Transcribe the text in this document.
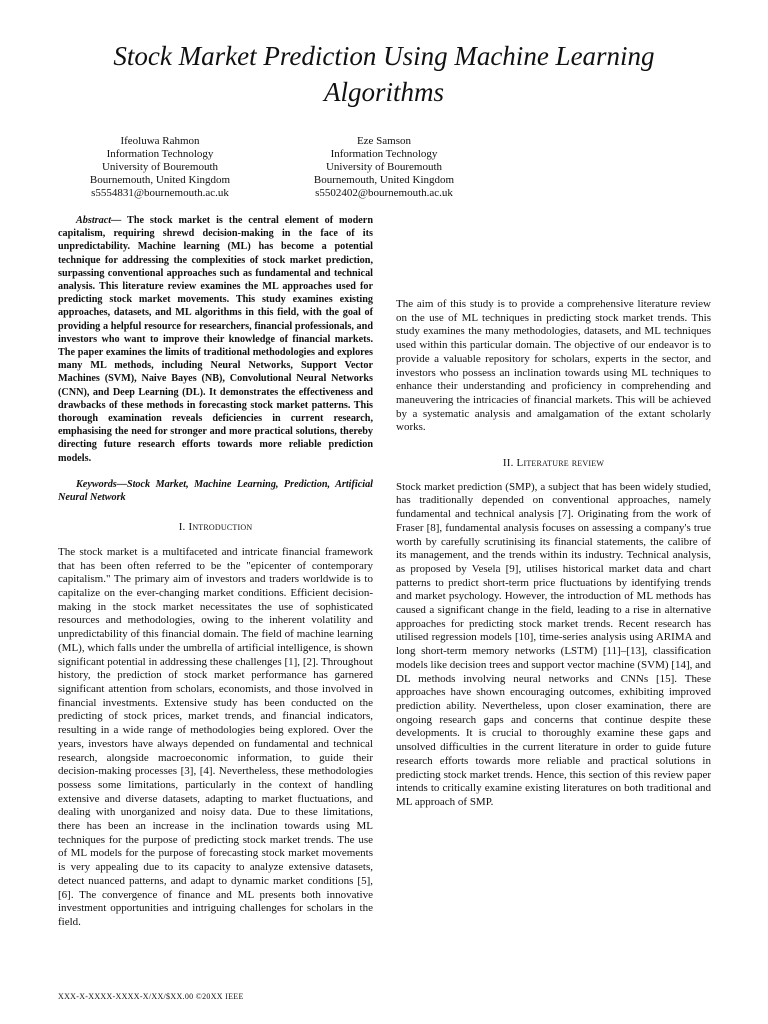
Stock Market Prediction Using Machine Learning
Algorithms
Ifeoluwa Rahmon
Information Technology
University of Bouremouth
Bournemouth, United Kingdom
s5554831@bournemouth.ac.uk
Eze Samson
Information Technology
University of Bouremouth
Bournemouth, United Kingdom
s5502402@bournemouth.ac.uk

Abstract— The stock market is the central element of modern capitalism, requiring shrewd decision-making in the face of its unpredictability. Machine learning (ML) has become a potential technique for addressing the complexities of stock market prediction, surpassing conventional approaches such as fundamental and technical analysis. This literature review examines the ML approaches used for predicting stock market movements. This study examines existing approaches, datasets, and ML algorithms in this field, with the goal of providing a helpful resource for researchers, financial professionals, and investors who want to improve their knowledge of financial markets. The paper examines the limits of traditional methodologies and explores many ML methods, including Neural Networks, Support Vector Machines (SVM), Naive Bayes (NB), Convolutional Neural Networks (CNN), and Deep Learning (DL). It demonstrates the effectiveness and drawbacks of these methods in forecasting stock market patterns. This thorough examination reveals deficiencies in current research, emphasising the need for stronger and more practical solutions, thereby directing future research efforts towards more reliable prediction models.

Keywords—Stock Market, Machine Learning, Prediction, Artificial Neural Network

I. Introduction

The stock market is a multifaceted and intricate financial framework that has been often referred to be the "epicenter of contemporary capitalism." The primary aim of investors and traders worldwide is to capitalize on the ever-changing market conditions. Efficient decision-making in the stock market necessitates the use of sophisticated resources and methodologies, owing to the inherent volatility and unpredictability of this financial domain. The field of machine learning (ML), which falls under the umbrella of artificial intelligence, is shown significant potential in addressing these challenges [1], [2]. Throughout history, the prediction of stock market performance has garnered significant attention from scholars, economists, and those involved in financial investments. Extensive study has been conducted on the predicting of stock prices, market trends, and financial indicators, resulting in a wide range of methodologies being explored. Over the years, investors have always depended on fundamental and technical research, alongside macroeconomic information, to guide their decision-making processes [3], [4]. Nevertheless, these methodologies possess some limitations, particularly in the context of handling extensive and diverse datasets, adapting to market fluctuations, and dealing with unorganized and noisy data. Due to these limitations, there has been an increase in the inclination towards using ML techniques for the purpose of predicting stock market trends. The use of ML models for the purpose of forecasting stock market movements is very appealing due to its capacity to analyze extensive datasets, detect nuanced patterns, and adapt to dynamic market conditions [5], [6]. The convergence of finance and ML presents both innovative investment opportunities and intriguing challenges for scholars in the field.

The aim of this study is to provide a comprehensive literature review on the use of ML techniques in predicting stock market trends. This study examines the many methodologies, datasets, and ML techniques used within this particular domain. The objective of our endeavor is to provide a valuable repository for scholars, experts in the sector, and investors who possess an inclination towards using ML techniques to enhance their understanding and proficiency in comprehending and maneuvering the intricacies of financial markets. This will be achieved by a systematic analysis and amalgamation of the extant scholarly works.

II. Literature review

Stock market prediction (SMP), a subject that has been widely studied, has traditionally depended on conventional approaches, namely fundamental and technical analysis [7]. Originating from the work of Fraser [8], fundamental analysis focuses on assessing a company's true worth by carefully scrutinising its financial statements, the calibre of its management, and the trends within its industry. Technical analysis, as proposed by Vesela [9], utilises historical market data and chart patterns to predict short-term price fluctuations by identifying trends and market psychology. However, the introduction of ML methods has caused a significant change in the field, leading to a rise in alternative approaches for predicting stock market trends. Recent research has utilised regression models [10], time-series analysis using ARIMA and long short-term memory networks (LSTM) [11]–[13], classification models like decision trees and support vector machine (SVM) [14], and DL methods involving neural networks and CNNs [15]. These approaches have shown encouraging outcomes, exhibiting improved prediction ability. Nevertheless, upon closer examination, there are ongoing research gaps and concerns that continue despite these developments. It is crucial to thoroughly examine these gaps and unsolved difficulties in the current literature in order to guide future research efforts towards more reliable and practical solutions in predicting stock market trends. Hence, this section of this review paper intends to critically examine existing literatures on both traditional and ML approach of SMP.

XXX-X-XXXX-XXXX-X/XX/$XX.00 ©20XX IEEE
